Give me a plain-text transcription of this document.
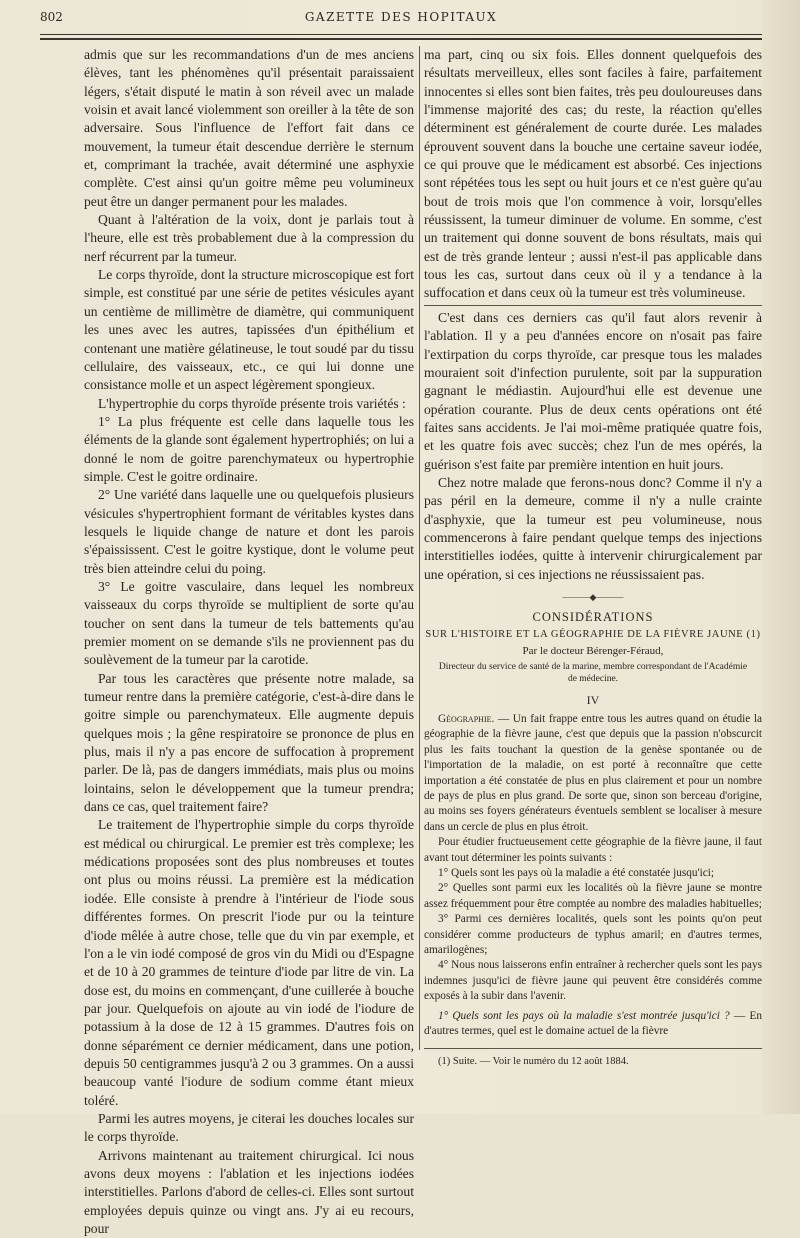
802	GAZETTE DES HOPITAUX

admis que sur les recommandations d'un de mes anciens élèves, tant les phénomènes qu'il présentait paraissaient légers, s'était disputé le matin à son réveil avec un malade voisin et avait lancé violemment son oreiller à la tête de son adversaire. Sous l'influence de l'effort fait dans ce mouvement, la tumeur était descendue derrière le sternum et, comprimant la trachée, avait déterminé une asphyxie complète. C'est ainsi qu'un goitre même peu volumineux peut être un danger permanent pour les malades.

Quant à l'altération de la voix, dont je parlais tout à l'heure, elle est très probablement due à la compression du nerf récurrent par la tumeur.

Le corps thyroïde, dont la structure microscopique est fort simple, est constitué par une série de petites vésicules ayant un centième de millimètre de diamètre, qui communiquent les unes avec les autres, tapissées d'un épithélium et contenant une matière gélatineuse, le tout soudé par du tissu cellulaire, des vaisseaux, etc., ce qui lui donne une consistance molle et un aspect légèrement spongieux.

L'hypertrophie du corps thyroïde présente trois variétés :

1° La plus fréquente est celle dans laquelle tous les éléments de la glande sont également hypertrophiés; on lui a donné le nom de goitre parenchymateux ou hypertrophie simple. C'est le goitre ordinaire.

2° Une variété dans laquelle une ou quelquefois plusieurs vésicules s'hypertrophient formant de véritables kystes dans lesquels le liquide change de nature et dont les parois s'épaississent. C'est le goitre kystique, dont le volume peut très bien atteindre celui du poing.

3° Le goitre vasculaire, dans lequel les nombreux vaisseaux du corps thyroïde se multiplient de sorte qu'au toucher on sent dans la tumeur de tels battements qu'au premier moment on se demande s'ils ne proviennent pas du soulèvement de la tumeur par la carotide.

Par tous les caractères que présente notre malade, sa tumeur rentre dans la première catégorie, c'est-à-dire dans le goitre simple ou parenchymateux. Elle augmente depuis quelques mois ; la gêne respiratoire se prononce de plus en plus, mais il n'y a pas encore de suffocation à proprement parler. De là, pas de dangers immédiats, mais plus ou moins lointains, selon le développement que la tumeur prendra; dans ce cas, quel traitement faire?

Le traitement de l'hypertrophie simple du corps thyroïde est médical ou chirurgical. Le premier est très complexe; les médications proposées sont des plus nombreuses et toutes ont plus ou moins réussi. La première est la médication iodée. Elle consiste à prendre à l'intérieur de l'iode sous différentes formes. On prescrit l'iode pur ou la teinture d'iode mêlée à autre chose, telle que du vin par exemple, et l'on a le vin iodé composé de gros vin du Midi ou d'Espagne et de 10 à 20 grammes de teinture d'iode par litre de vin. La dose est, du moins en commençant, d'une cuillerée à bouche par jour. Quelquefois on ajoute au vin iodé de l'iodure de potassium à la dose de 12 à 15 grammes. D'autres fois on donne séparément ce dernier médicament, dans une potion, depuis 50 centigrammes jusqu'à 2 ou 3 grammes. On a aussi beaucoup vanté l'iodure de sodium comme étant mieux toléré.

Parmi les autres moyens, je citerai les douches locales sur le corps thyroïde.

Arrivons maintenant au traitement chirurgical. Ici nous avons deux moyens : l'ablation et les injections iodées interstitielles. Parlons d'abord de celles-ci. Elles sont surtout employées depuis quinze ou vingt ans. J'y ai eu recours, pour

ma part, cinq ou six fois. Elles donnent quelquefois des résultats merveilleux, elles sont faciles à faire, parfaitement innocentes si elles sont bien faites, très peu douloureuses dans l'immense majorité des cas; du reste, la réaction qu'elles déterminent est généralement de courte durée. Les malades éprouvent souvent dans la bouche une certaine saveur iodée, ce qui prouve que le médicament est absorbé. Ces injections sont répétées tous les sept ou huit jours et ce n'est guère qu'au bout de trois mois que l'on commence à voir, lorsqu'elles réussissent, la tumeur diminuer de volume. En somme, c'est un traitement qui donne souvent de bons résultats, mais qui est de très grande lenteur ; aussi n'est-il pas applicable dans tous les cas, surtout dans ceux où il y a tendance à la suffocation et dans ceux où la tumeur est très volumineuse.

C'est dans ces derniers cas qu'il faut alors revenir à l'ablation. Il y a peu d'années encore on n'osait pas faire l'extirpation du corps thyroïde, car presque tous les malades mouraient soit d'infection purulente, soit par la suppuration gagnant le médiastin. Aujourd'hui elle est devenue une opération courante. Plus de deux cents opérations ont été faites sans accidents. Je l'ai moi-même pratiquée quatre fois, et les quatre fois avec succès; chez l'un de mes opérés, la guérison s'est faite par première intention en huit jours.

Chez notre malade que ferons-nous donc? Comme il n'y a pas péril en la demeure, comme il n'y a nulle crainte d'asphyxie, que la tumeur est peu volumineuse, nous commencerons à faire pendant quelque temps des injections interstitielles iodées, quitte à intervenir chirurgicalement par une opération, si ces injections ne réussissaient pas.

———◆———
CONSIDÉRATIONS
SUR L'HISTOIRE ET LA GÉOGRAPHIE DE LA FIÈVRE JAUNE (1)
Par le docteur Bérenger-Féraud,
Directeur du service de santé de la marine, membre correspondant de l'Académie de médecine.
IV

Géographie. — Un fait frappe entre tous les autres quand on étudie la géographie de la fièvre jaune, c'est que depuis que la passion n'obscurcit plus les faits touchant la question de la genèse spontanée ou de l'importation de la maladie, on est porté à reconnaître que cette importation a été constatée de plus en plus clairement et pour un nombre de pays de plus en plus grand. De sorte que, sinon son berceau d'origine, au moins ses foyers générateurs éventuels semblent se localiser à mesure dans un cercle de plus en plus étroit.

Pour étudier fructueusement cette géographie de la fièvre jaune, il faut avant tout déterminer les points suivants :

1° Quels sont les pays où la maladie a été constatée jusqu'ici;

2° Quelles sont parmi eux les localités où la fièvre jaune se montre assez fréquemment pour être comptée au nombre des maladies habituelles;

3° Parmi ces dernières localités, quels sont les points qu'on peut considérer comme producteurs de typhus amaril; en d'autres termes, amarilogènes;

4° Nous nous laisserons enfin entraîner à rechercher quels sont les pays indemnes jusqu'ici de fièvre jaune qui peuvent être considérés comme exposés à la subir dans l'avenir.

1° Quels sont les pays où la maladie s'est montrée jusqu'ici ? — En d'autres termes, quel est le domaine actuel de la fièvre

(1) Suite. — Voir le numéro du 12 août 1884.
